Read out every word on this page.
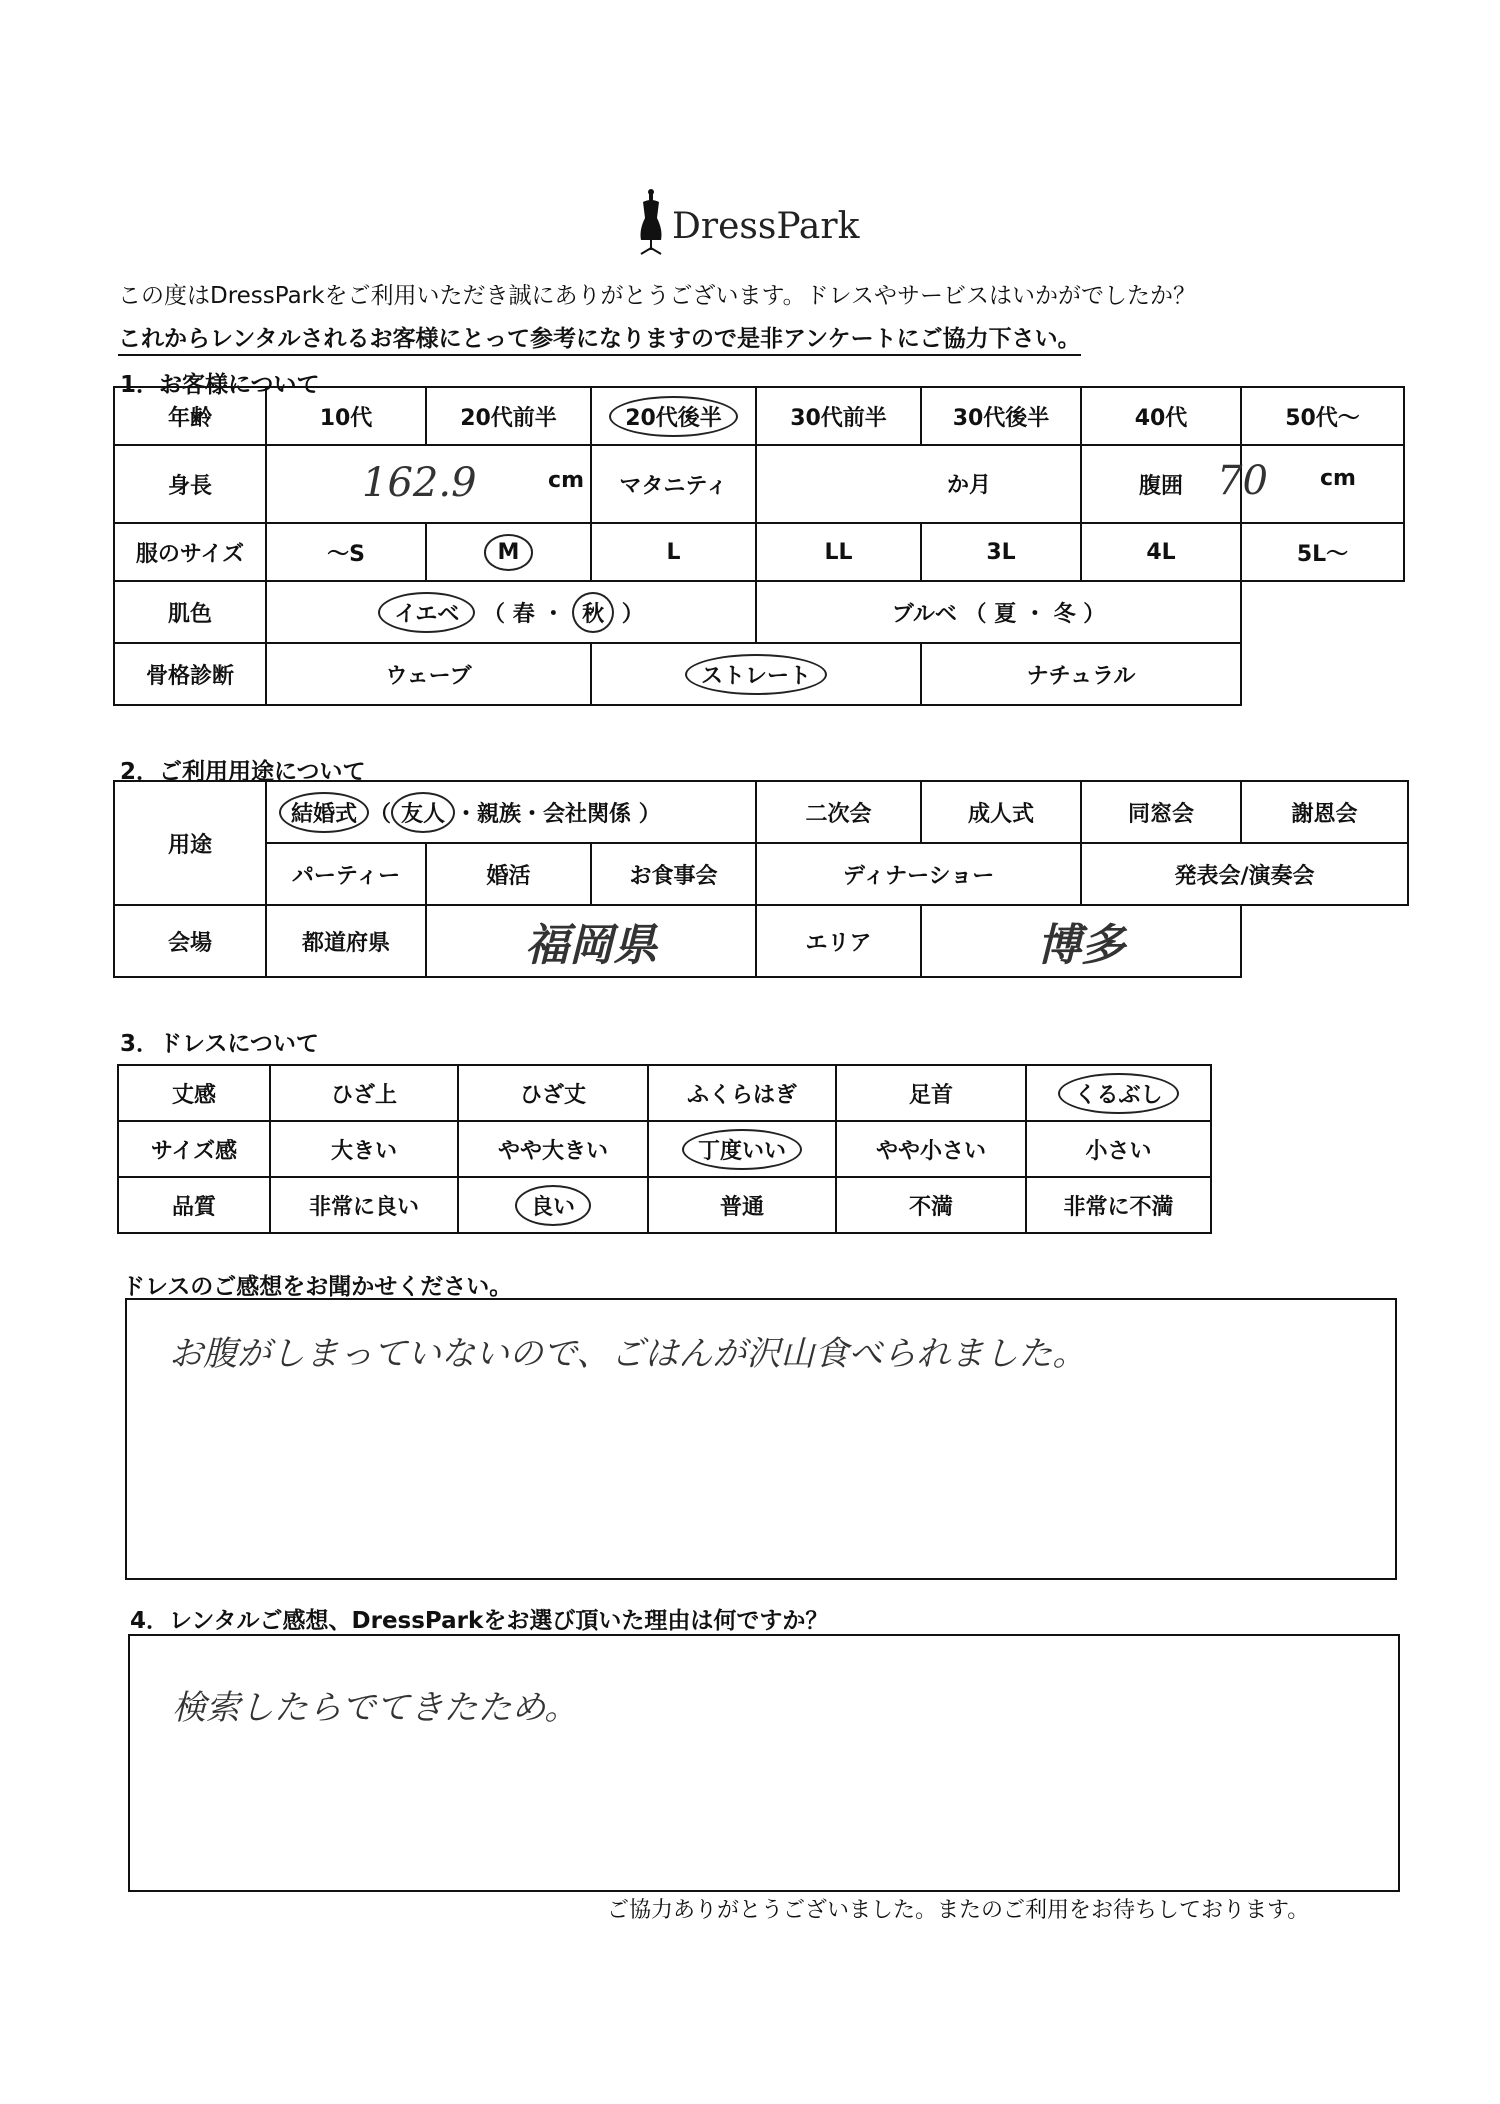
DressPark
この度はDressParkをご利用いただき誠にありがとうございます。ドレスやサービスはいかがでしたか？
これからレンタルされるお客様にとって参考になりますので是非アンケートにご協力下さい。
1．お客様について
年齢	10代	20代前半	20代後半	30代前半	30代後半	40代	50代～
身長	162.9 cm		マタニティ	か月		腹囲	70 cm

服のサイズ	～S	M	L	LL	3L	4L	5L～
肌色	イエベ （ 春 ・ 秋 ）			ブルベ （ 夏 ・ 冬 ）			
骨格診断	ウェーブ		ストレート		ナチュラル		
2．ご利用用途について
用途	結婚式 （ 友人 ・親族・会社関係 ）			二次会	成人式	同窓会	謝恩会
	パーティー	婚活	お食事会	ディナーショー		発表会/演奏会	
会場	都道府県	福岡県		エリア	博多		
3．ドレスについて
丈感	ひざ上	ひざ丈	ふくらはぎ	足首	くるぶし
サイズ感	大きい	やや大きい	丁度いい	やや小さい	小さい
品質	非常に良い	良い	普通	不満	非常に不満
ドレスのご感想をお聞かせください。
お腹がしまっていないので、ごはんが沢山食べられました。
4．レンタルご感想、DressParkをお選び頂いた理由は何ですか？
検索したらでてきたため。
ご協力ありがとうございました。またのご利用をお待ちしております。
